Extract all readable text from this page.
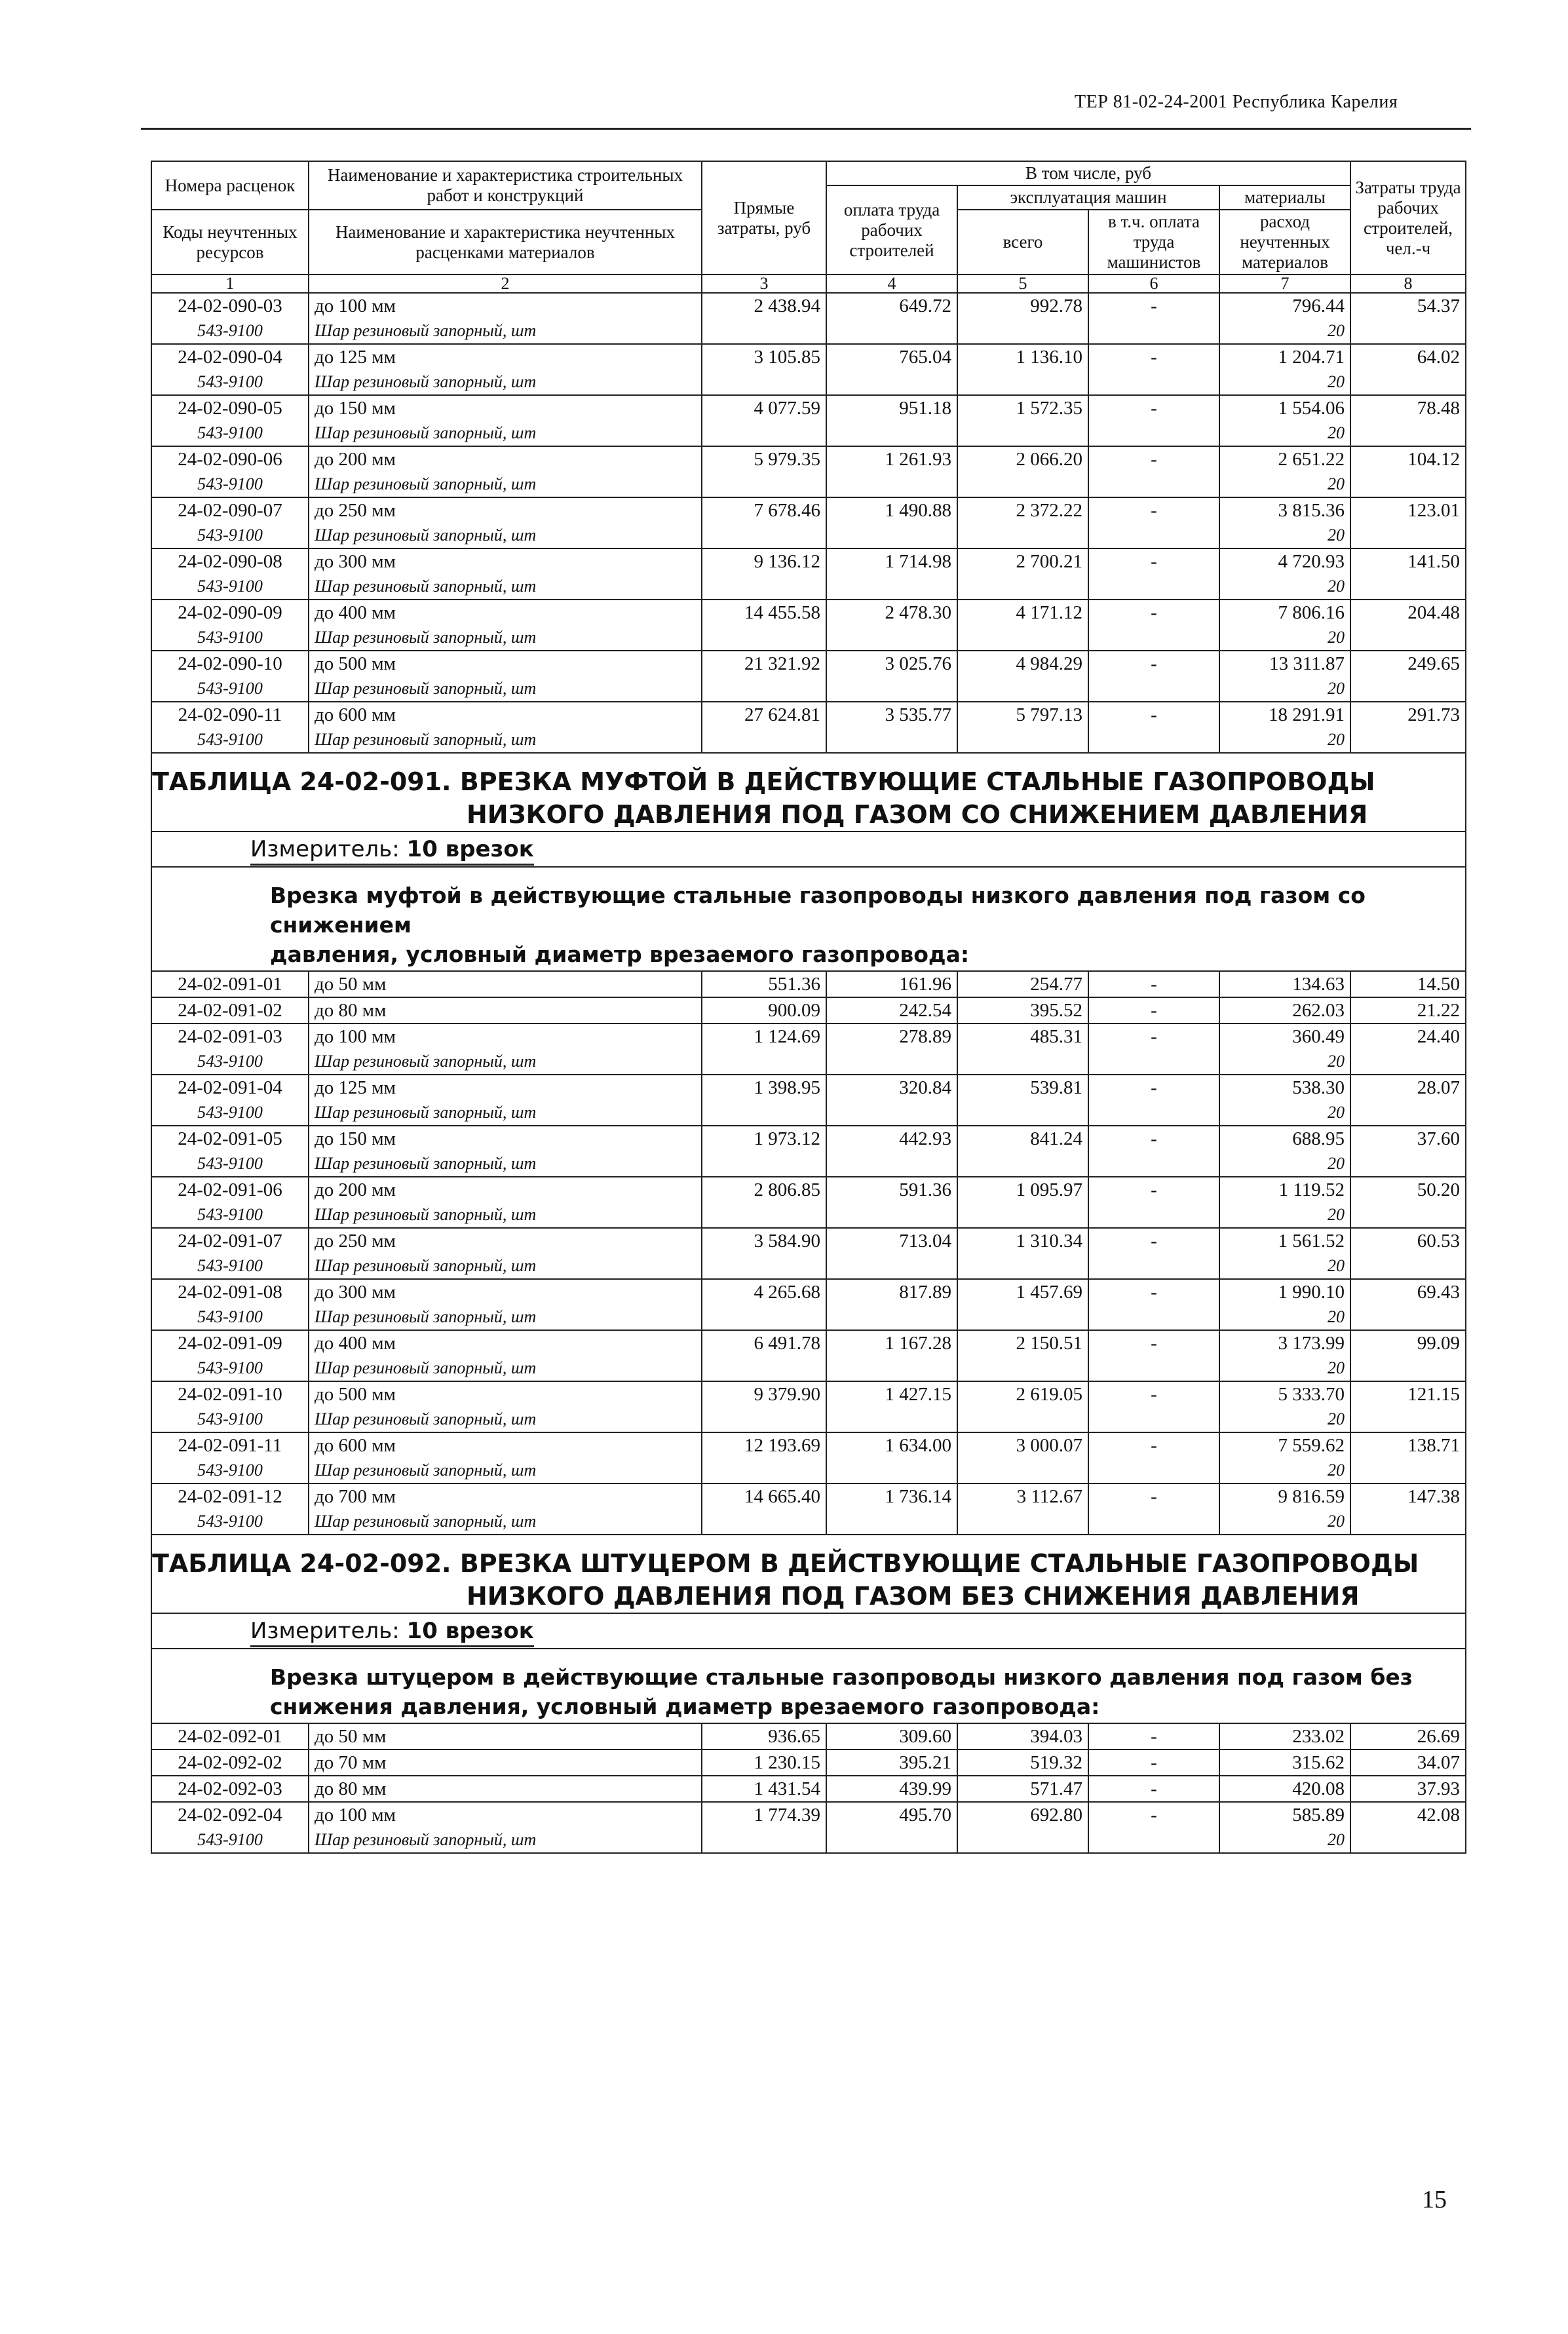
ТЕР 81-02-24-2001 Республика Карелия
Номера расценок	Наименование и характеристика строительных работ и конструкций	Прямые затраты, руб	В том числе, руб				Затраты труда рабочих строителей, чел.-ч
			оплата труда рабочих строителей	эксплуатация машин		материалы	
Коды неучтенных ресурсов	Наименование и характеристика неучтенных расценками материалов			всего	в т.ч. оплата труда машинистов	расход неучтенных материалов	

1	2	3	4	5	6	7	8
24-02-090-03	до 100 мм	2 438.94	649.72	992.78	-	796.44	54.37
543-9100	Шар резиновый запорный, шт					20	
24-02-090-04	до 125 мм	3 105.85	765.04	1 136.10	-	1 204.71	64.02
543-9100	Шар резиновый запорный, шт					20	
24-02-090-05	до 150 мм	4 077.59	951.18	1 572.35	-	1 554.06	78.48
543-9100	Шар резиновый запорный, шт					20	
24-02-090-06	до 200 мм	5 979.35	1 261.93	2 066.20	-	2 651.22	104.12
543-9100	Шар резиновый запорный, шт					20	
24-02-090-07	до 250 мм	7 678.46	1 490.88	2 372.22	-	3 815.36	123.01
543-9100	Шар резиновый запорный, шт					20	
24-02-090-08	до 300 мм	9 136.12	1 714.98	2 700.21	-	4 720.93	141.50
543-9100	Шар резиновый запорный, шт					20	
24-02-090-09	до 400 мм	14 455.58	2 478.30	4 171.12	-	7 806.16	204.48
543-9100	Шар резиновый запорный, шт					20	
24-02-090-10	до 500 мм	21 321.92	3 025.76	4 984.29	-	13 311.87	249.65
543-9100	Шар резиновый запорный, шт					20	
24-02-090-11	до 600 мм	27 624.81	3 535.77	5 797.13	-	18 291.91	291.73
543-9100	Шар резиновый запорный, шт					20	
ТАБЛИЦА 24-02-091. ВРЕЗКА МУФТОЙ В ДЕЙСТВУЮЩИЕ СТАЛЬНЫЕ ГАЗОПРОВОДЫ
НИЗКОГО ДАВЛЕНИЯ ПОД ГАЗОМ СО СНИЖЕНИЕМ ДАВЛЕНИЯ							

Измеритель: 10 врезок							

Врезка муфтой в действующие стальные газопроводы низкого давления под газом со снижением
давления, условный диаметр врезаемого газопровода:							

24-02-091-01	до 50 мм	551.36	161.96	254.77	-	134.63	14.50
24-02-091-02	до 80 мм	900.09	242.54	395.52	-	262.03	21.22
24-02-091-03	до 100 мм	1 124.69	278.89	485.31	-	360.49	24.40
543-9100	Шар резиновый запорный, шт					20	
24-02-091-04	до 125 мм	1 398.95	320.84	539.81	-	538.30	28.07
543-9100	Шар резиновый запорный, шт					20	
24-02-091-05	до 150 мм	1 973.12	442.93	841.24	-	688.95	37.60
543-9100	Шар резиновый запорный, шт					20	
24-02-091-06	до 200 мм	2 806.85	591.36	1 095.97	-	1 119.52	50.20
543-9100	Шар резиновый запорный, шт					20	
24-02-091-07	до 250 мм	3 584.90	713.04	1 310.34	-	1 561.52	60.53
543-9100	Шар резиновый запорный, шт					20	
24-02-091-08	до 300 мм	4 265.68	817.89	1 457.69	-	1 990.10	69.43
543-9100	Шар резиновый запорный, шт					20	
24-02-091-09	до 400 мм	6 491.78	1 167.28	2 150.51	-	3 173.99	99.09
543-9100	Шар резиновый запорный, шт					20	
24-02-091-10	до 500 мм	9 379.90	1 427.15	2 619.05	-	5 333.70	121.15
543-9100	Шар резиновый запорный, шт					20	
24-02-091-11	до 600 мм	12 193.69	1 634.00	3 000.07	-	7 559.62	138.71
543-9100	Шар резиновый запорный, шт					20	
24-02-091-12	до 700 мм	14 665.40	1 736.14	3 112.67	-	9 816.59	147.38
543-9100	Шар резиновый запорный, шт					20	
ТАБЛИЦА 24-02-092. ВРЕЗКА ШТУЦЕРОМ В ДЕЙСТВУЮЩИЕ СТАЛЬНЫЕ ГАЗОПРОВОДЫ
НИЗКОГО ДАВЛЕНИЯ ПОД ГАЗОМ БЕЗ СНИЖЕНИЯ ДАВЛЕНИЯ							

Измеритель: 10 врезок							

Врезка штуцером в действующие стальные газопроводы низкого давления под газом без
снижения давления, условный диаметр врезаемого газопровода:							

24-02-092-01	до 50 мм	936.65	309.60	394.03	-	233.02	26.69
24-02-092-02	до 70 мм	1 230.15	395.21	519.32	-	315.62	34.07
24-02-092-03	до 80 мм	1 431.54	439.99	571.47	-	420.08	37.93
24-02-092-04	до 100 мм	1 774.39	495.70	692.80	-	585.89	42.08
543-9100	Шар резиновый запорный, шт					20	
15
